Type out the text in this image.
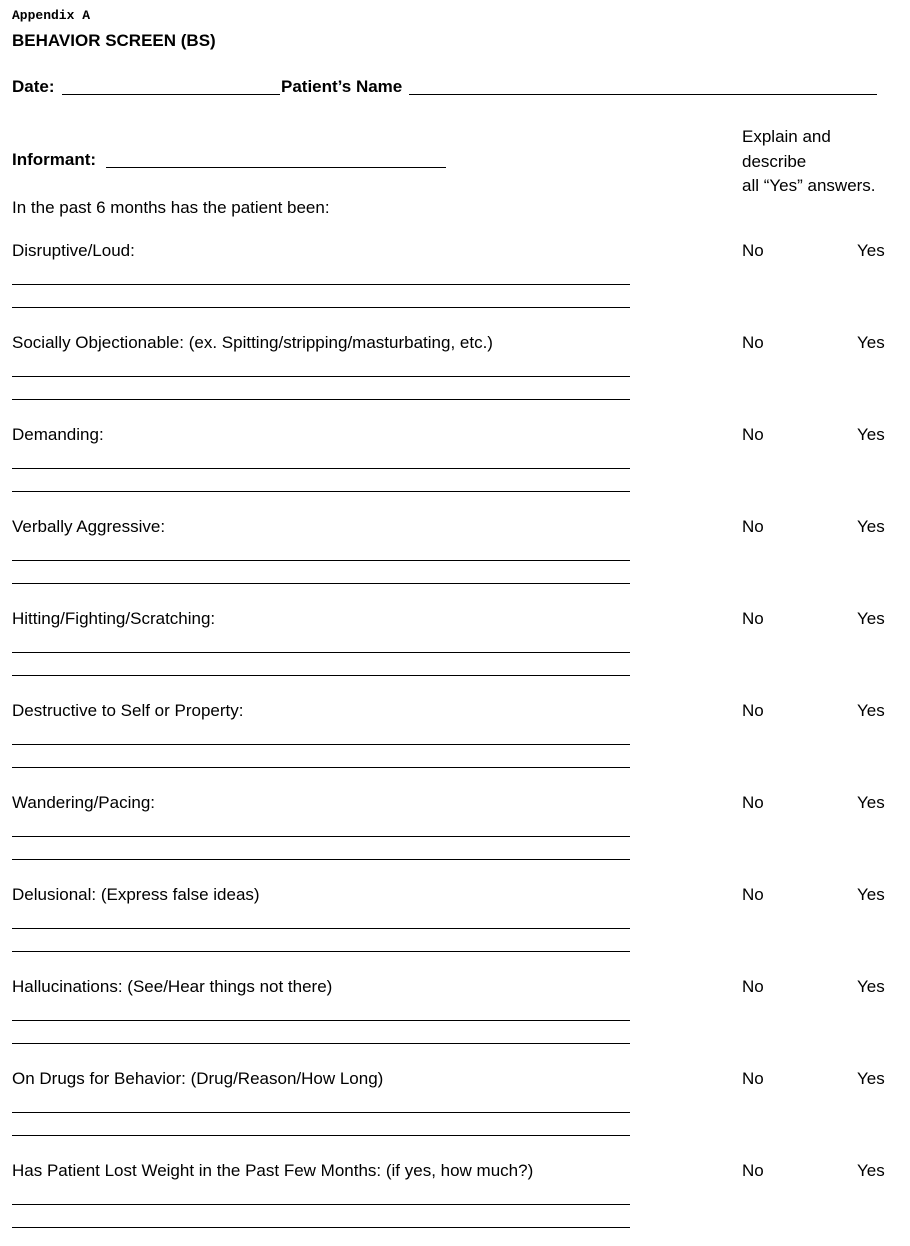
Appendix A
BEHAVIOR SCREEN (BS)
Date:	Patient’s Name
Informant:
Explain and
describe
all “Yes” answers.
In the past 6 months has the patient been:
Disruptive/Loud:	No	Yes
Socially Objectionable: (ex. Spitting/stripping/masturbating, etc.)	No	Yes
Demanding:	No	Yes
Verbally Aggressive:	No	Yes
Hitting/Fighting/Scratching:	No	Yes
Destructive to Self or Property:	No	Yes
Wandering/Pacing:	No	Yes
Delusional: (Express false ideas)	No	Yes
Hallucinations: (See/Hear things not there)	No	Yes
On Drugs for Behavior: (Drug/Reason/How Long)	No	Yes
Has Patient Lost Weight in the Past Few Months: (if yes, how much?)	No	Yes
